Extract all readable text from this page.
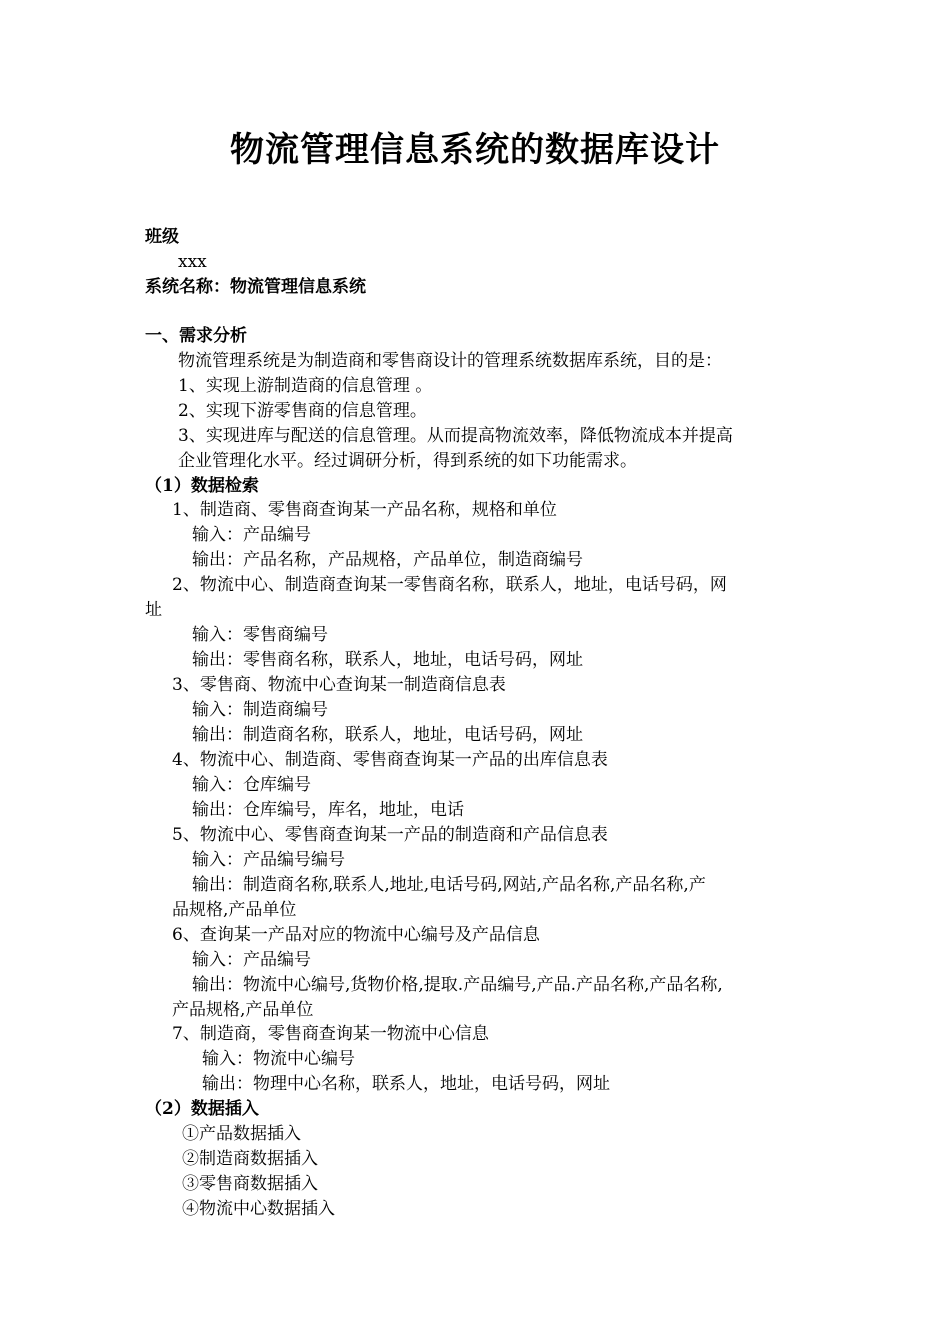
物流管理信息系统的数据库设计
班级
xxx
系统名称：物流管理信息系统
一、需求分析
物流管理系统是为制造商和零售商设计的管理系统数据库系统，目的是：
1、实现上游制造商的信息管理 。
2、实现下游零售商的信息管理。
3、实现进库与配送的信息管理。从而提高物流效率，降低物流成本并提高
企业管理化水平。经过调研分析，得到系统的如下功能需求。
（1）数据检索
1、制造商、零售商查询某一产品名称，规格和单位
输入：产品编号
输出：产品名称，产品规格，产品单位，制造商编号
2、物流中心、制造商查询某一零售商名称，联系人，地址，电话号码，网
址
输入：零售商编号
输出：零售商名称，联系人，地址，电话号码，网址
3、零售商、物流中心查询某一制造商信息表
输入：制造商编号
输出：制造商名称，联系人，地址，电话号码，网址
4、物流中心、制造商、零售商查询某一产品的出库信息表
输入：仓库编号
输出：仓库编号，库名，地址，电话
5、物流中心、零售商查询某一产品的制造商和产品信息表
输入：产品编号编号
输出：制造商名称,联系人,地址,电话号码,网站,产品名称,产品名称,产
品规格,产品单位
6、查询某一产品对应的物流中心编号及产品信息
输入：产品编号
输出：物流中心编号,货物价格,提取.产品编号,产品.产品名称,产品名称,
产品规格,产品单位
7、制造商，零售商查询某一物流中心信息
输入：物流中心编号
输出：物理中心名称，联系人，地址，电话号码，网址
（2）数据插入
①产品数据插入
②制造商数据插入
③零售商数据插入
④物流中心数据插入
